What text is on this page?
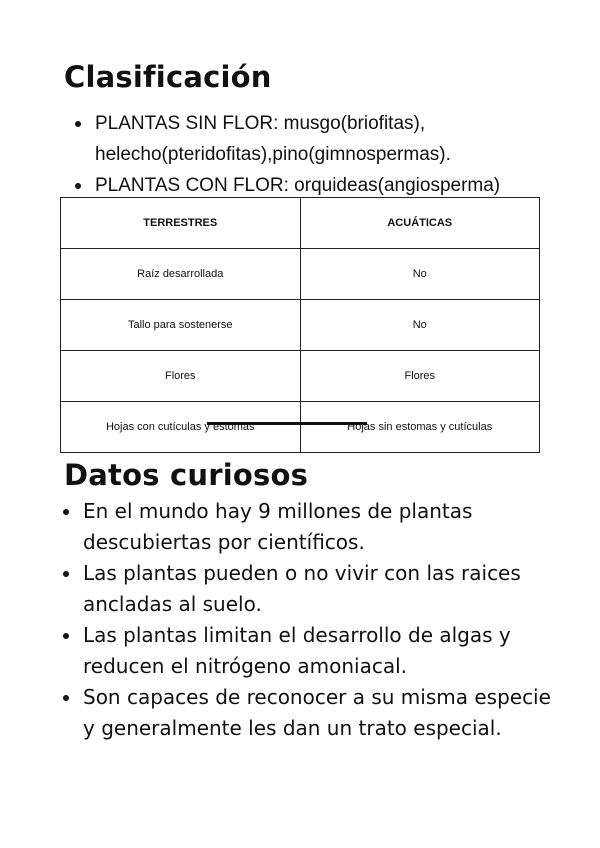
Clasificación
PLANTAS SIN FLOR: musgo(briofitas), helecho(pteridofitas),pino(gimnospermas).
PLANTAS CON FLOR: orquideas(angiosperma)
TERRESTRES	ACUÁTICAS
Raíz desarrollada	No
Tallo para sostenerse	No
Flores	Flores
Hojas con cutículas y estomas	Hojas sin estomas y cutículas
Datos curiosos
En el mundo hay 9 millones de plantas descubiertas por científicos.
Las plantas pueden o no vivir con las raices ancladas al suelo.
Las plantas limitan el desarrollo de algas y reducen el nitrógeno amoniacal.
Son capaces de reconocer a su misma especie y generalmente les dan un trato especial.
